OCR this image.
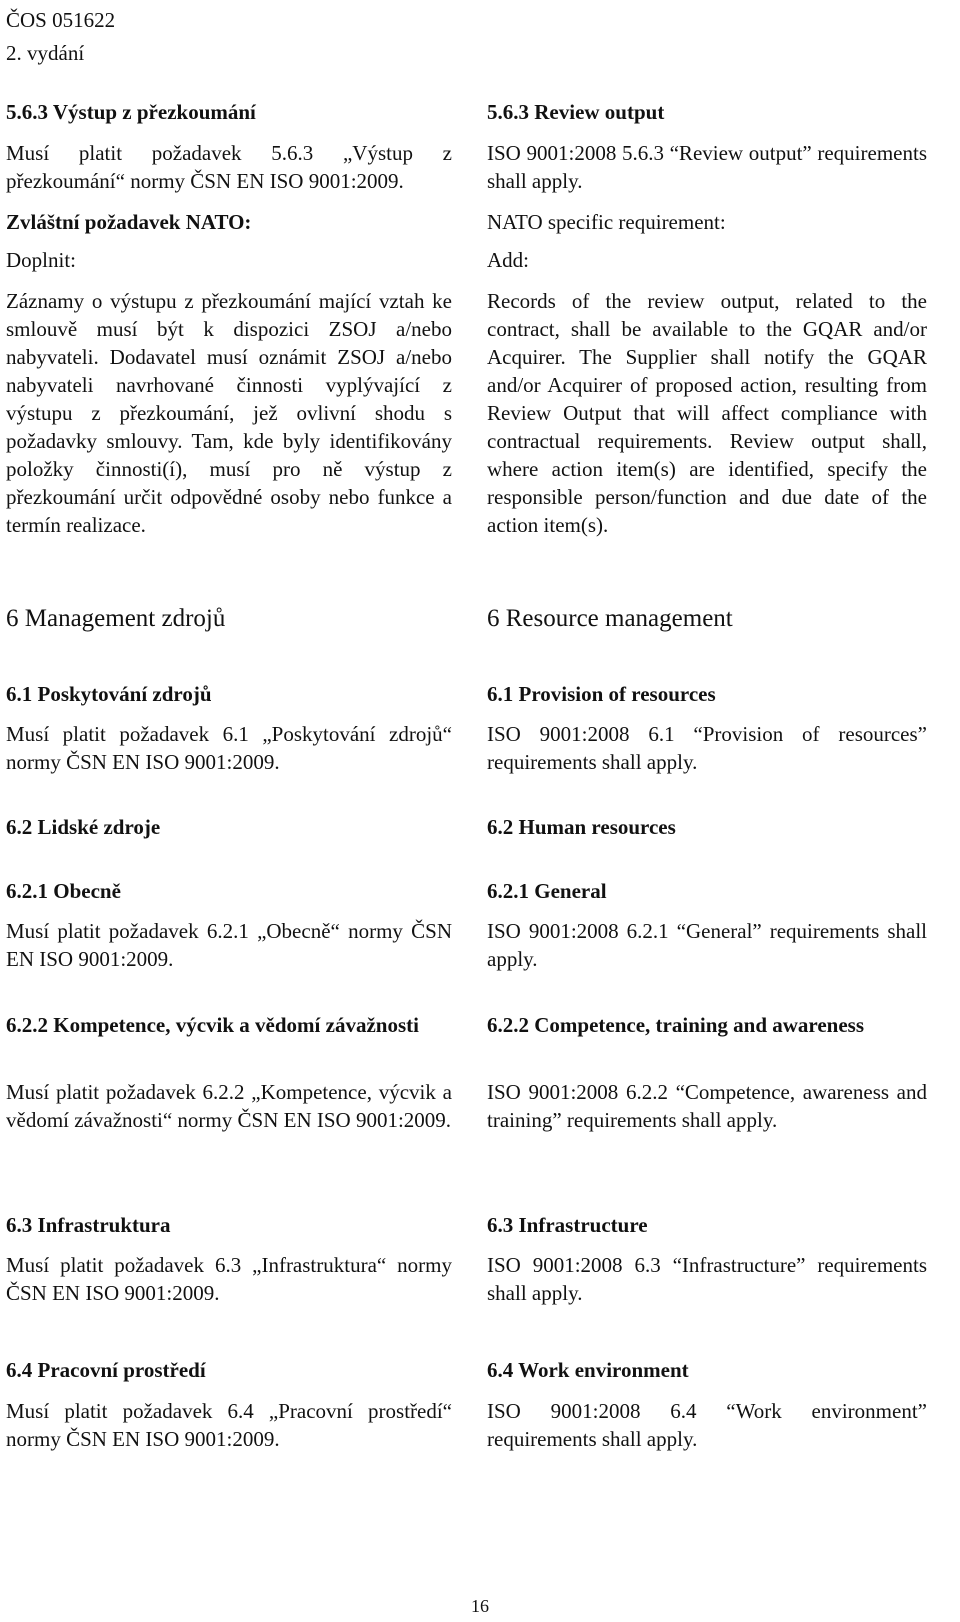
ČOS 051622
2. vydání
5.6.3 Výstup z přezkoumání

Musí platit požadavek 5.6.3 „Výstup z přezkoumání“ normy ČSN EN ISO 9001:2009.

Zvláštní požadavek NATO:

Doplnit:

Záznamy o výstupu z přezkoumání mající vztah ke smlouvě musí být k dispozici ZSOJ a/nebo nabyvateli. Dodavatel musí oznámit ZSOJ a/nebo nabyvateli navrhované činnosti vyplývající z výstupu z přezkoumání, jež ovlivní shodu s požadavky smlouvy. Tam, kde byly identifikovány položky činnosti(í), musí pro ně výstup z přezkoumání určit odpovědné osoby nebo funkce a termín realizace.

6 Management zdrojů
6.1 Poskytování zdrojů

Musí platit požadavek 6.1 „Poskytování zdrojů“ normy ČSN EN ISO 9001:2009.

6.2 Lidské zdroje
6.2.1 Obecně

Musí platit požadavek 6.2.1 „Obecně“ normy ČSN EN ISO 9001:2009.

6.2.2 Kompetence, výcvik a vědomí závažnosti

Musí platit požadavek 6.2.2 „Kompetence, výcvik a vědomí závažnosti“ normy ČSN EN ISO 9001:2009.

6.3 Infrastruktura

Musí platit požadavek 6.3 „Infrastruktura“ normy ČSN EN ISO 9001:2009.

6.4 Pracovní prostředí

Musí platit požadavek 6.4 „Pracovní prostředí“ normy ČSN EN ISO 9001:2009.

5.6.3 Review output

ISO 9001:2008 5.6.3 “Review output” requirements shall apply.

NATO specific requirement:

Add:

Records of the review output, related to the contract, shall be available to the GQAR and/or Acquirer. The Supplier shall notify the GQAR and/or Acquirer of proposed action, resulting from Review Output that will affect compliance with contractual requirements. Review output shall, where action item(s) are identified, specify the responsible person/function and due date of the action item(s).

6 Resource management
6.1 Provision of resources

ISO 9001:2008 6.1 “Provision of resources” requirements shall apply.

6.2 Human resources
6.2.1 General

ISO 9001:2008 6.2.1 “General” requirements shall apply.

6.2.2 Competence, training and awareness

ISO 9001:2008 6.2.2 “Competence, awareness and training” requirements shall apply.

6.3 Infrastructure

ISO 9001:2008 6.3 “Infrastructure” requirements shall apply.

6.4 Work environment

ISO 9001:2008 6.4 “Work environment” requirements shall apply.

16
